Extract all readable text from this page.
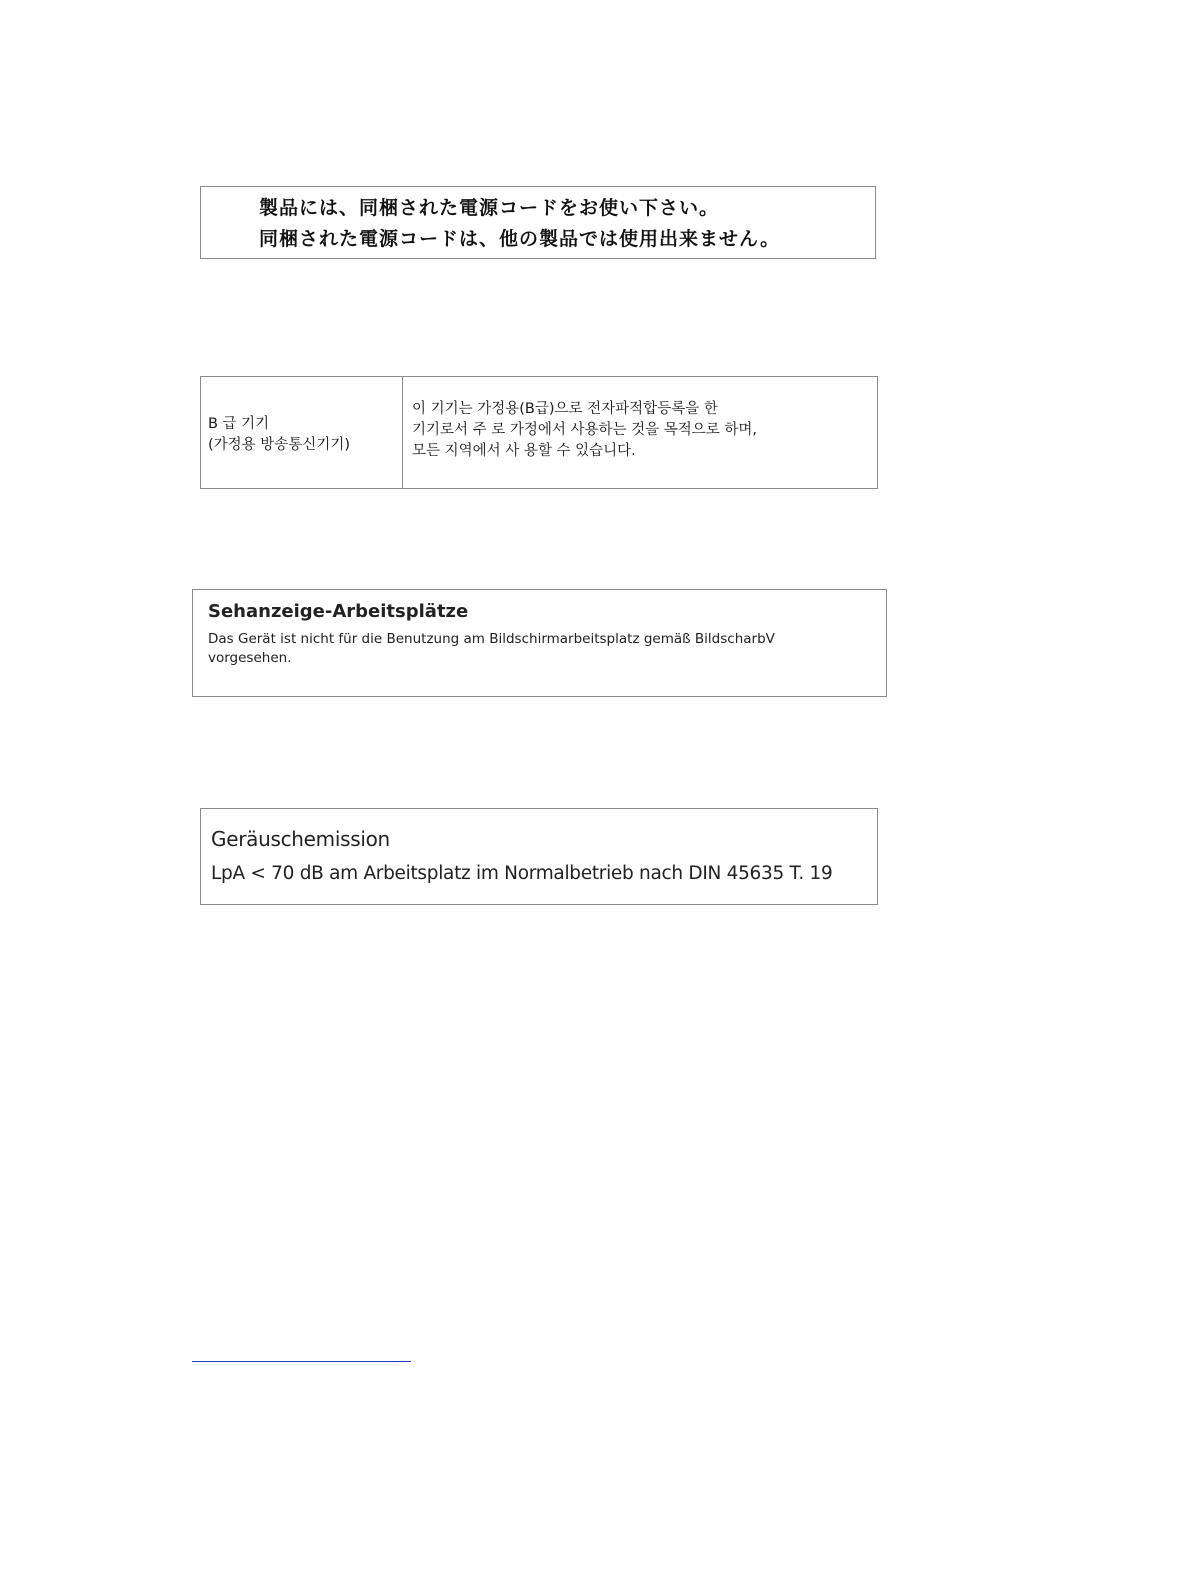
製品には、同梱された電源コードをお使い下さい。
同梱された電源コードは、他の製品では使用出来ません。
B 급 기기
(가정용 방송통신기기)
이 기기는 가정용(B급)으로 전자파적합등록을 한
기기로서 주 로 가정에서 사용하는 것을 목적으로 하며,
모든 지역에서 사 용할 수 있습니다.
Sehanzeige-Arbeitsplätze
Das Gerät ist nicht für die Benutzung am Bildschirmarbeitsplatz gemäß BildscharbV vorgesehen.
Geräuschemission
LpA < 70 dB am Arbeitsplatz im Normalbetrieb nach DIN 45635 T. 19
